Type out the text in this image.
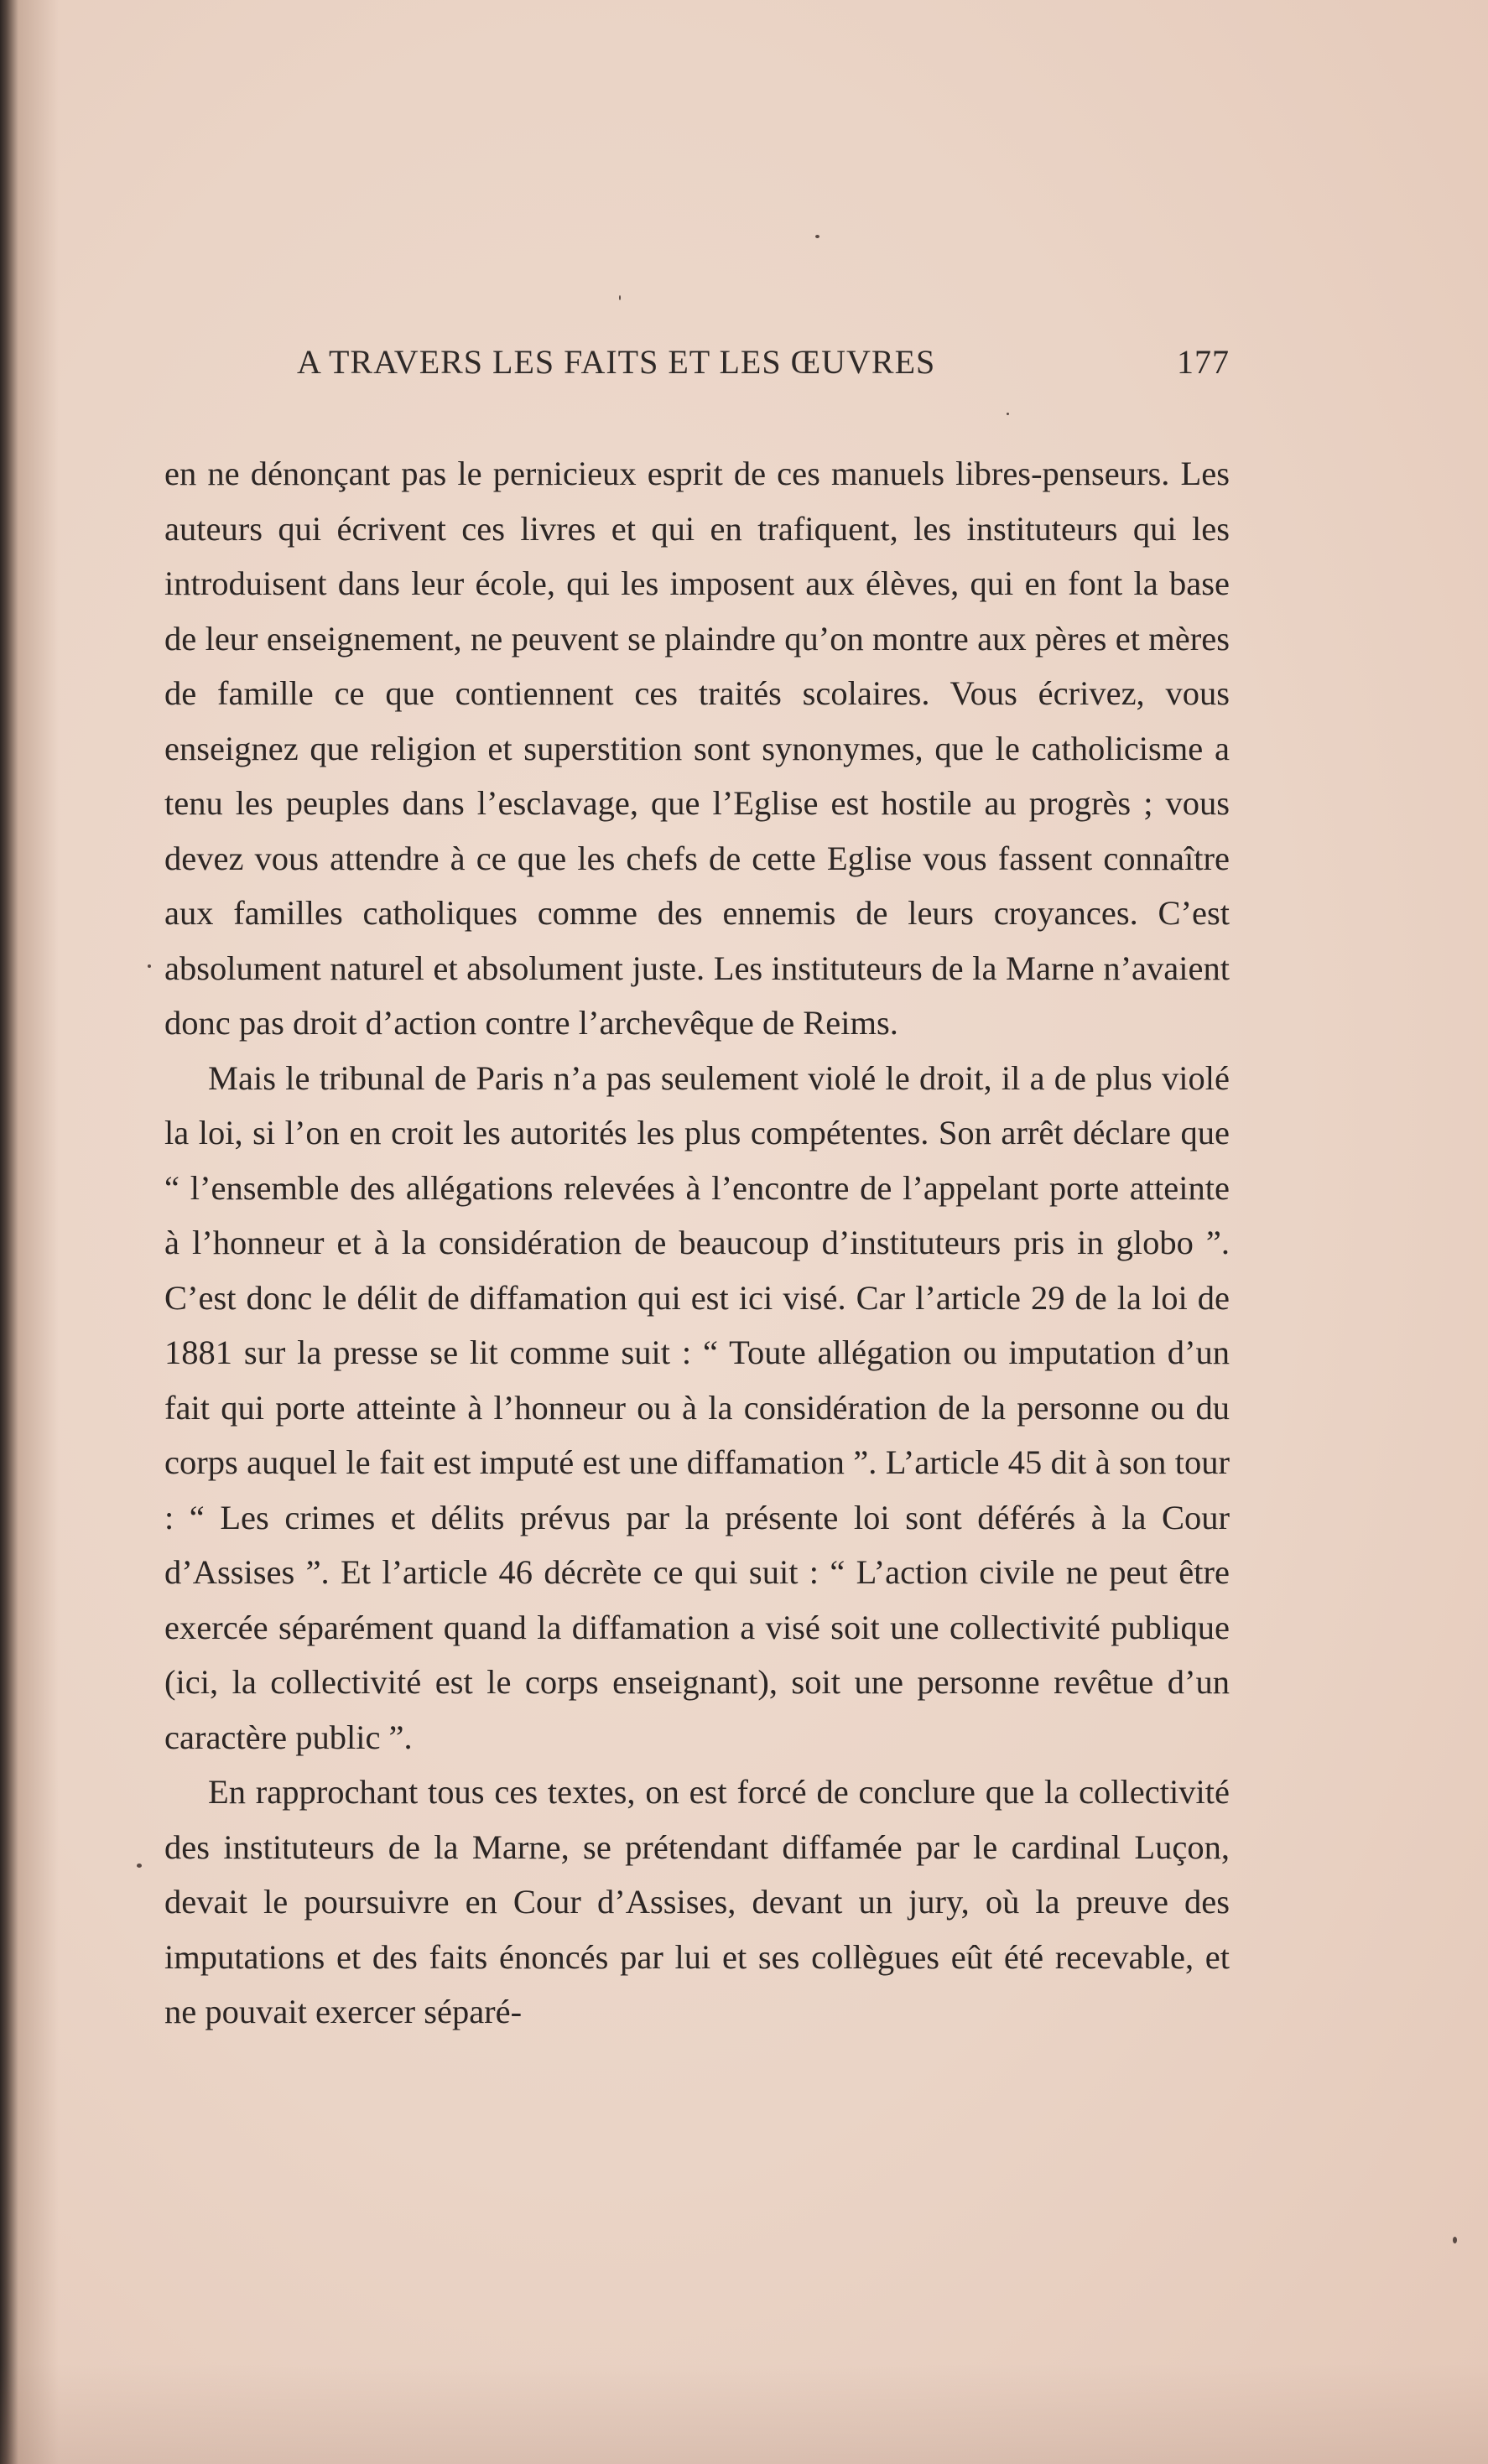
A TRAVERS LES FAITS ET LES ŒUVRES	177

en ne dénonçant pas le pernicieux esprit de ces manuels libres-penseurs. Les auteurs qui écrivent ces livres et qui en trafiquent, les instituteurs qui les introduisent dans leur école, qui les imposent aux élèves, qui en font la base de leur enseignement, ne peuvent se plaindre qu’on montre aux pères et mères de famille ce que contiennent ces traités scolaires. Vous écrivez, vous enseignez que religion et superstition sont synonymes, que le catholicisme a tenu les peuples dans l’esclavage, que l’Eglise est hostile au progrès ; vous devez vous attendre à ce que les chefs de cette Eglise vous fassent connaître aux familles catholiques comme des ennemis de leurs croyances. C’est absolument naturel et absolument juste. Les instituteurs de la Marne n’avaient donc pas droit d’action contre l’archevêque de Reims.

Mais le tribunal de Paris n’a pas seulement violé le droit, il a de plus violé la loi, si l’on en croit les autorités les plus compétentes. Son arrêt déclare que “ l’ensemble des allégations relevées à l’encontre de l’appelant porte atteinte à l’honneur et à la considération de beaucoup d’instituteurs pris in globo ”. C’est donc le délit de diffamation qui est ici visé. Car l’article 29 de la loi de 1881 sur la presse se lit comme suit : “ Toute allégation ou imputation d’un fait qui porte atteinte à l’honneur ou à la considération de la personne ou du corps auquel le fait est imputé est une diffamation ”. L’article 45 dit à son tour : “ Les crimes et délits prévus par la présente loi sont déférés à la Cour d’Assises ”. Et l’article 46 décrète ce qui suit : “ L’action civile ne peut être exercée séparément quand la diffamation a visé soit une collectivité publique (ici, la collectivité est le corps enseignant), soit une personne revêtue d’un caractère public ”.

En rapprochant tous ces textes, on est forcé de conclure que la collectivité des instituteurs de la Marne, se prétendant diffamée par le cardinal Luçon, devait le poursuivre en Cour d’Assises, devant un jury, où la preuve des imputations et des faits énoncés par lui et ses collègues eût été recevable, et ne pouvait exercer séparé-
